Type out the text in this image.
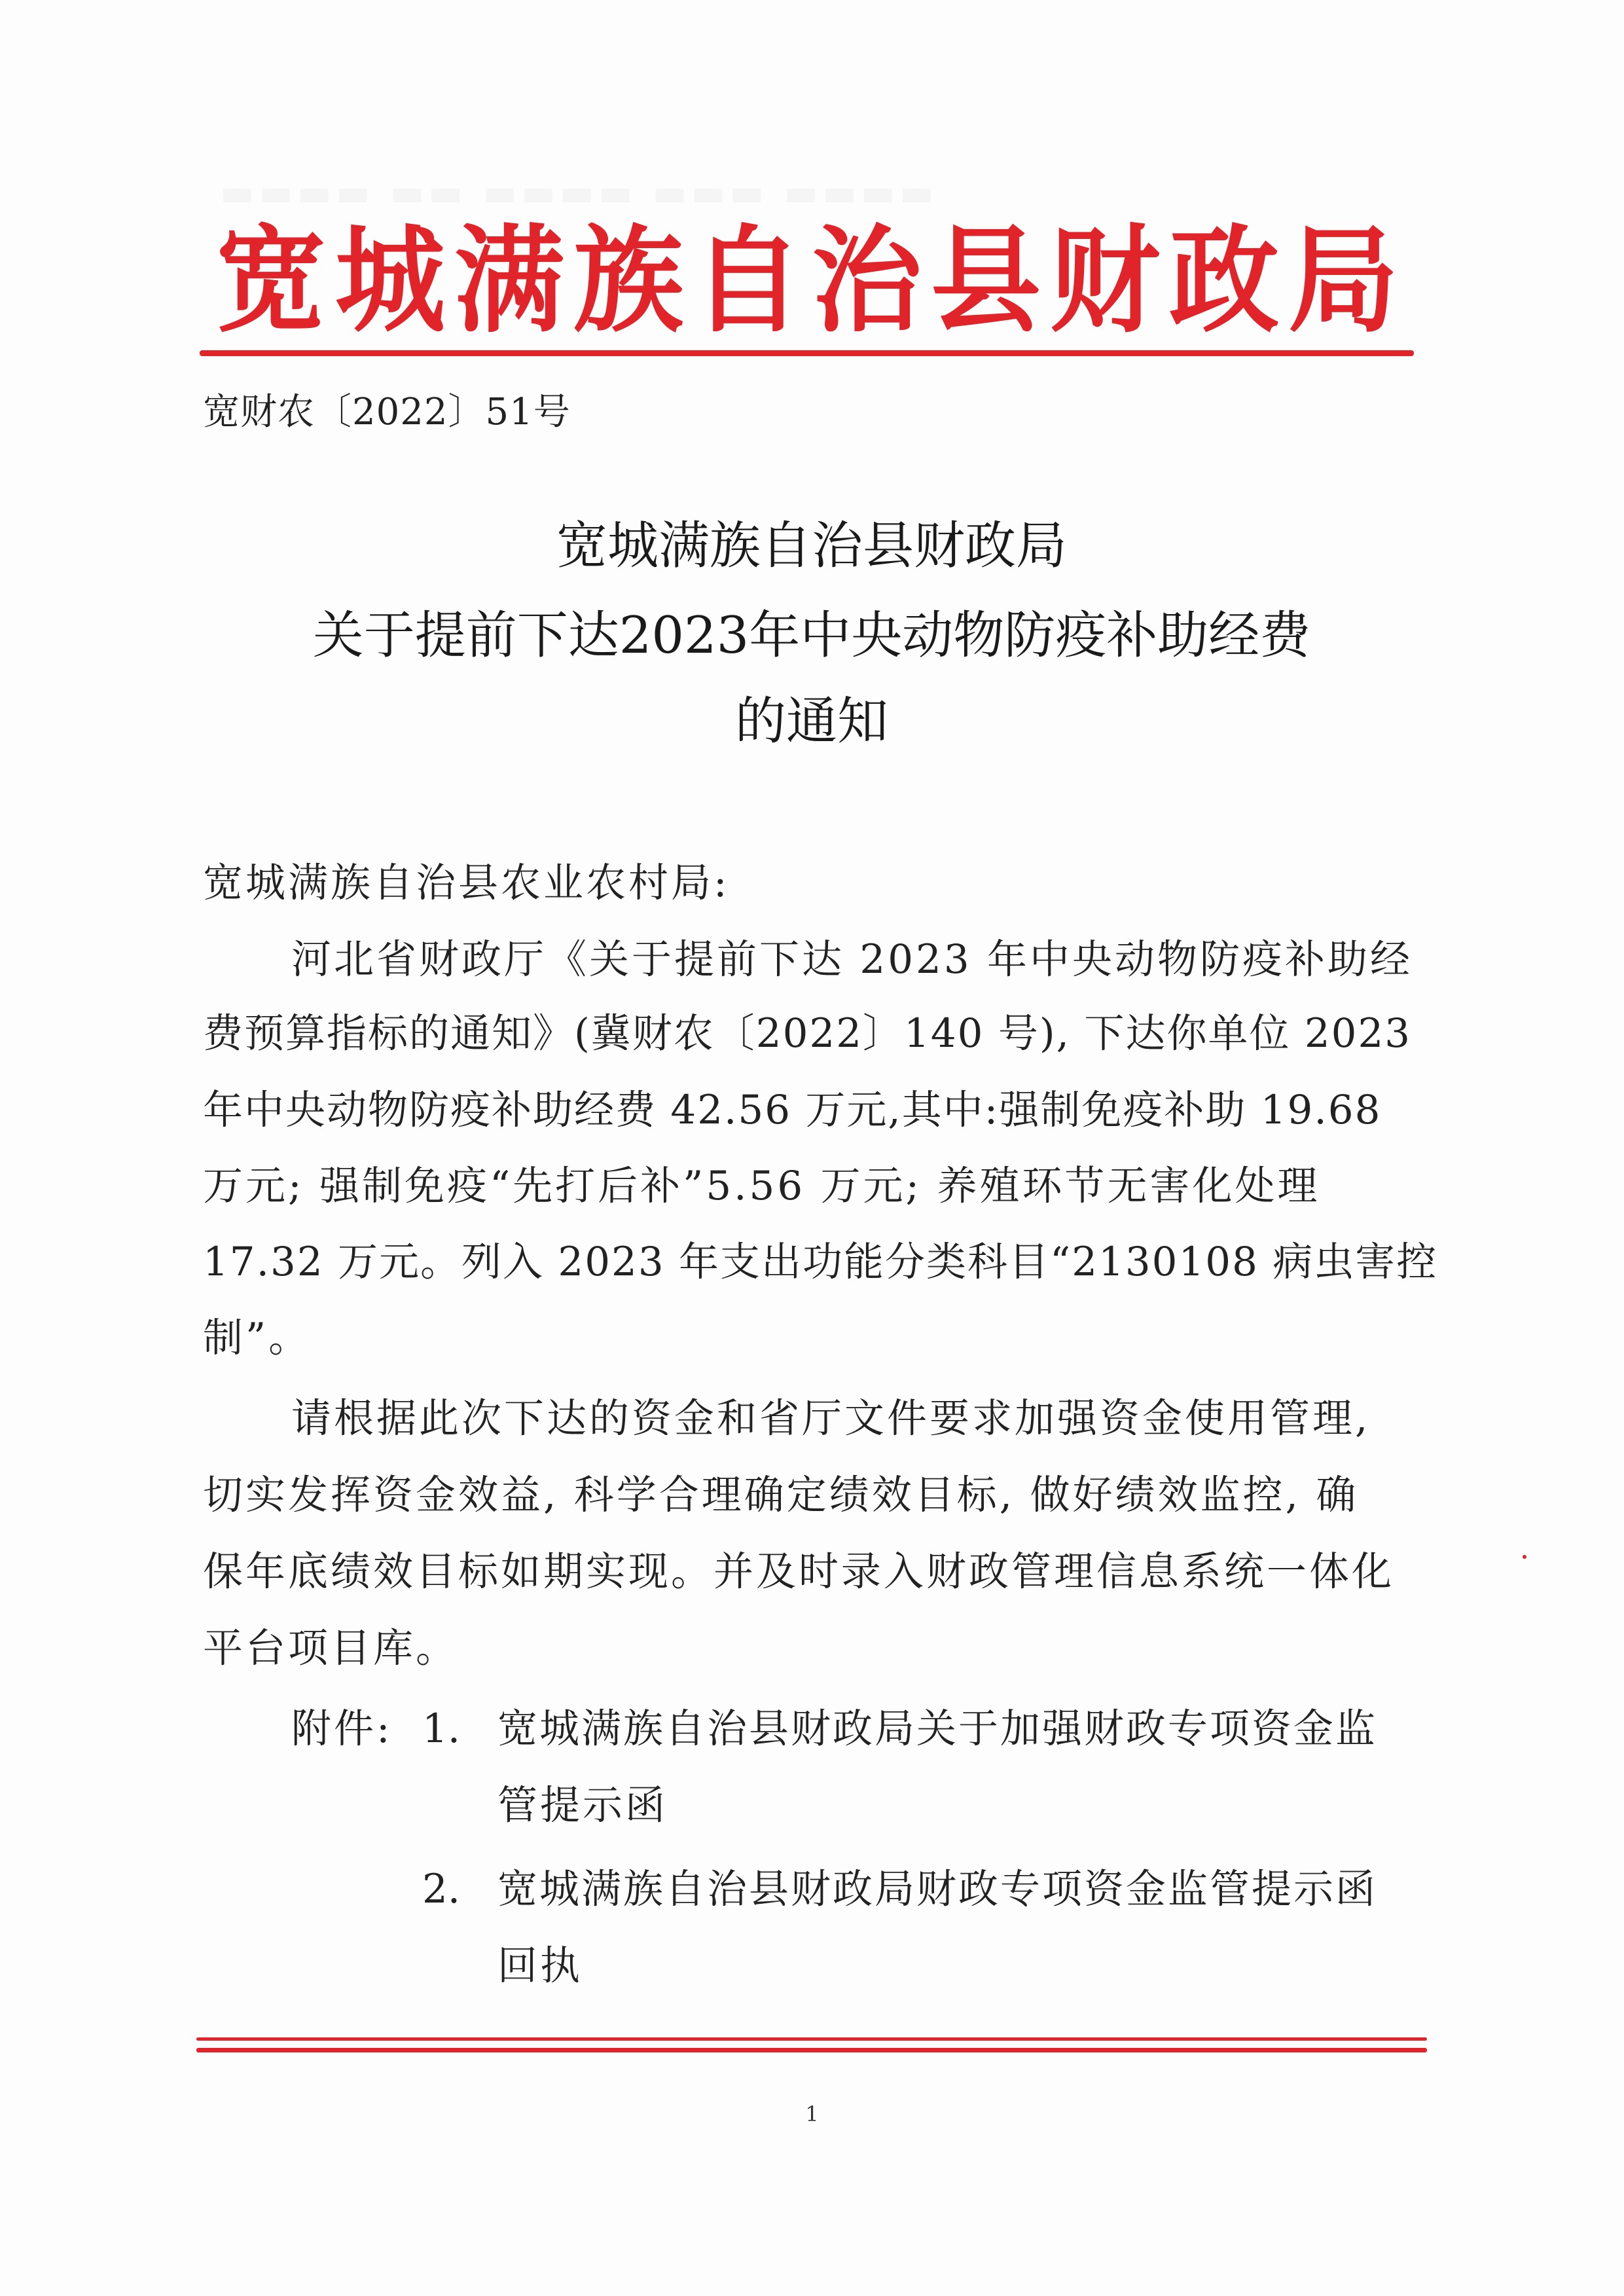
▬▬▬▬ ▬▬▬ ▬▬▬▬ ▬▬ ▬▬▬▬
宽城满族自治县财政局
宽财农〔2022〕51号
宽城满族自治县财政局
关于提前下达2023年中央动物防疫补助经费
的通知
宽城满族自治县农业农村局:
河北省财政厅《关于提前下达 2023 年中央动物防疫补助经
费预算指标的通知》(冀财农〔2022〕140 号), 下达你单位 2023
年中央动物防疫补助经费 42.56 万元,其中:强制免疫补助 19.68
万元; 强制免疫“先打后补”5.56 万元; 养殖环节无害化处理
17.32 万元。列入 2023 年支出功能分类科目“2130108 病虫害控
制”。
请根据此次下达的资金和省厅文件要求加强资金使用管理,
切实发挥资金效益, 科学合理确定绩效目标, 做好绩效监控, 确
保年底绩效目标如期实现。并及时录入财政管理信息系统一体化
平台项目库。
附件: 1. 宽城满族自治县财政局关于加强财政专项资金监
管提示函
2. 宽城满族自治县财政局财政专项资金监管提示函
回执
1
